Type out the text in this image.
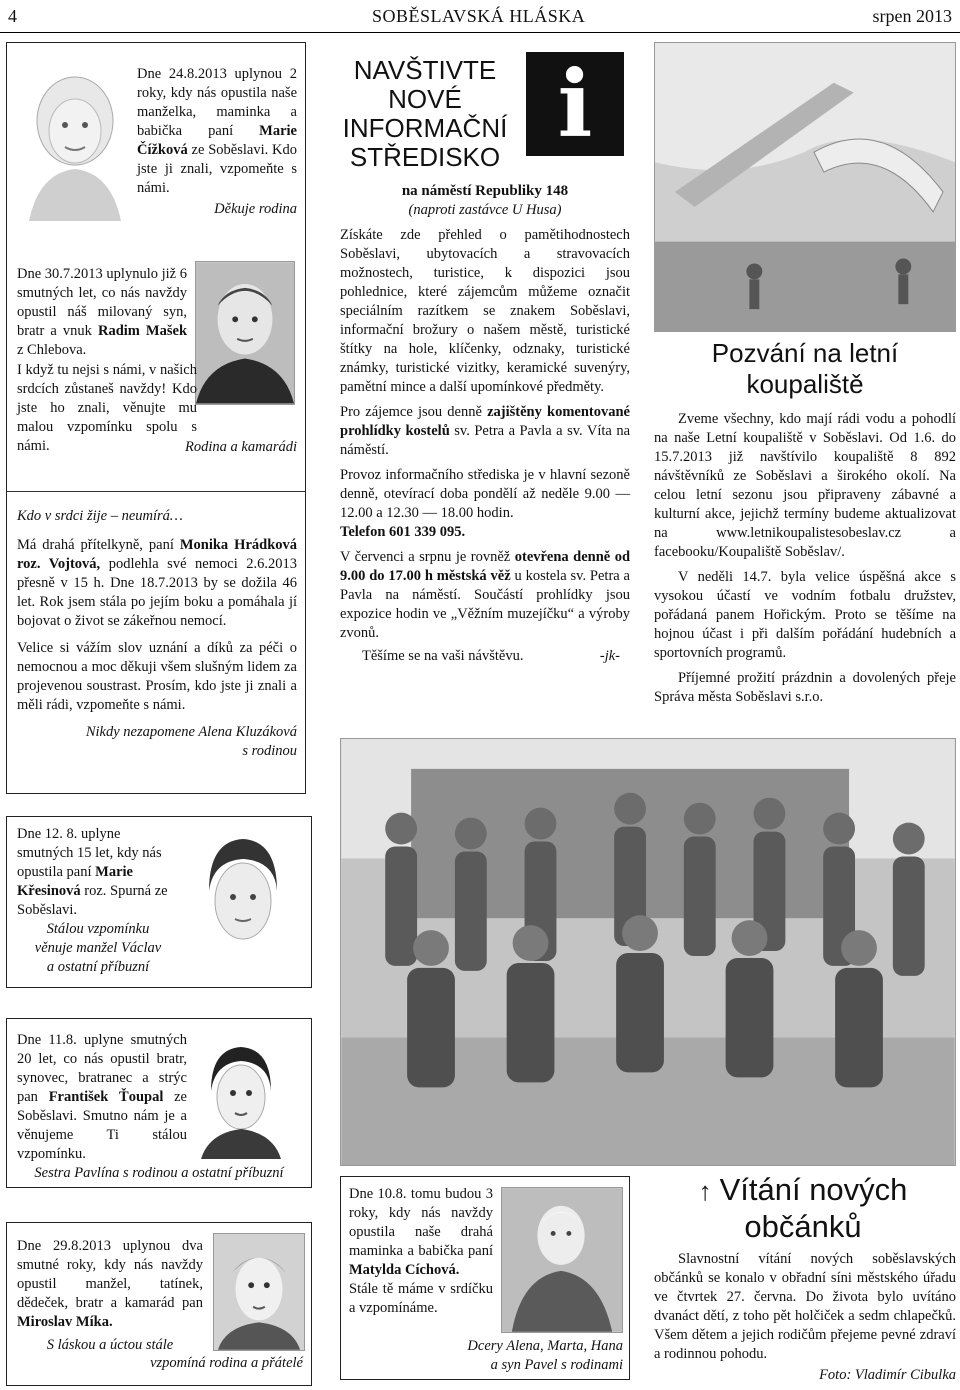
4	SOBĚSLAVSKÁ HLÁSKA	srpen 2013

Dne 24.8.2013 uplynou 2 roky, kdy nás opustila naše manželka, maminka a babička paní Marie Čížková ze Soběslavi. Kdo jste ji znali, vzpomeňte s námi.

Děkuje rodina

Dne 30.7.2013 uplynulo již 6 smutných let, co nás navždy opustil náš milovaný syn, bratr a vnuk Radim Mašek z Chlebova.

I když tu nejsi s námi, v našich srdcích zůstaneš navždy! Kdo jste ho znali, věnujte mu malou vzpomínku spolu s námi.	Rodina a kamarádi

Kdo v srdci žije – neumírá…

Má drahá přítelkyně, paní Monika Hrádková roz. Vojtová, podlehla své nemoci 2.6.2013 přesně v 15 h. Dne 18.7.2013 by se dožila 46 let. Rok jsem stála po jejím boku a pomáhala jí bojovat o život se zákeřnou nemocí.

Velice si vážím slov uznání a díků za péči o nemocnou a moc děkuji všem slušným lidem za projevenou soustrast. Prosím, kdo jste ji znali a měli rádi, vzpomeňte s námi.

Nikdy nezapomene Alena Kluzáková

s rodinou

NAVŠTIVTE
NOVÉ
INFORMAČNÍ
STŘEDISKO i

na náměstí Republiky 148

(naproti zastávce U Husa)

Získáte zde přehled o pamětihodnostech Soběslavi, ubytovacích a stravovacích možnostech, turistice, k dispozici jsou pohlednice, které zájemcům můžeme označit speciálním razítkem se znakem Soběslavi, informační brožury o našem městě, turistické štítky na hole, klíčenky, odznaky, turistické známky, turistické vizitky, keramické suvenýry, pamětní mince a další upomínkové předměty.

Pro zájemce jsou denně zajištěny komentované prohlídky kostelů sv. Petra a Pavla a sv. Víta na náměstí.

Provoz informačního střediska je v hlavní sezoně denně, otevírací doba pondělí až neděle 9.00 — 12.00 a 12.30 — 18.00 hodin.

Telefon 601 339 095.

V červenci a srpnu je rovněž otevřena denně od 9.00 do 17.00 h městská věž u kostela sv. Petra a Pavla na náměstí. Součástí prohlídky jsou expozice hodin ve „Věžním muzejíčku“ a výroby zvonů.

Těšíme se na vaši návštěvu.	-jk-

Pozvání na letní
koupaliště

Zveme všechny, kdo mají rádi vodu a pohodlí na naše Letní koupaliště v Soběslavi. Od 1.6. do 15.7.2013 již navštívilo koupaliště 8 892 návštěvníků ze Soběslavi a širokého okolí. Na celou letní sezonu jsou připraveny zábavné a kulturní akce, jejichž termíny budeme aktualizovat na www.letnikoupalistesobeslav.cz a facebooku/Koupaliště Soběslav/.

V neděli 14.7. byla velice úspěšná akce s vysokou účastí ve vodním fotbalu družstev, pořádaná panem Hořickým. Proto se těšíme na hojnou účast i při dalším pořádání hudebních a sportovních programů.

Příjemné prožití prázdnin a dovolených přeje Správa města Soběslavi s.r.o.

Dne 12. 8. uplyne smutných 15 let, kdy nás opustila paní Marie Křesinová roz. Spurná ze Soběslavi.

Stálou vzpomínku

věnuje manžel Václav

a ostatní příbuzní

Dne 11.8. uplyne smutných 20 let, co nás opustil bratr, synovec, bratranec a strýc pan František Ťoupal ze Soběslavi. Smutno nám je a věnujeme Ti stálou vzpomínku.

Sestra Pavlína s rodinou a ostatní příbuzní

Dne 29.8.2013 uplynou dva smutné roky, kdy nás navždy opustil manžel, tatínek, dědeček, bratr a kamarád pan Miroslav Míka.

S láskou a úctou stále

vzpomíná rodina a přátelé

Dne 10.8. tomu budou 3 roky, kdy nás navždy opustila naše drahá maminka a babička paní Matylda Cíchová.

Stále tě máme v srdíčku a vzpomínáme.

Dcery Alena, Marta, Hana
a syn Pavel s rodinami
↑ Vítání nových
občánků

Slavnostní vítání nových soběslavských občánků se konalo v obřadní síni městského úřadu ve čtvrtek 27. června. Do života bylo uvítáno dvanáct dětí, z toho pět holčiček a sedm chlapečků. Všem dětem a jejich rodičům přejeme pevné zdraví a rodinnou pohodu.

Foto: Vladimír Cibulka
